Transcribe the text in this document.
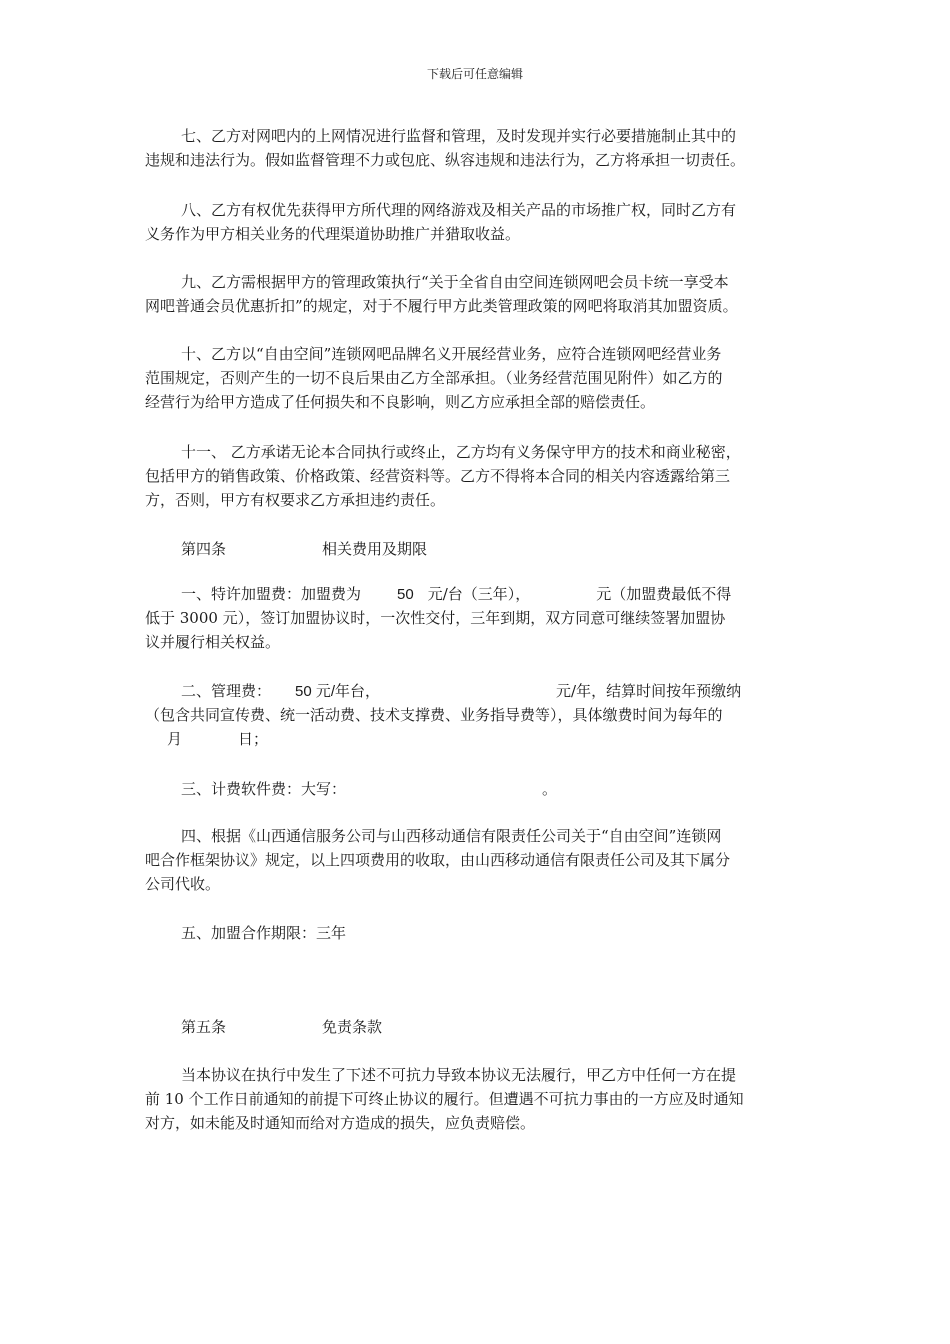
下载后可任意编辑
七、乙方对网吧内的上网情况进行监督和管理，及时发现并实行必要措施制止其中的
违规和违法行为。假如监督管理不力或包庇、纵容违规和违法行为，乙方将承担一切责任。
八、乙方有权优先获得甲方所代理的网络游戏及相关产品的市场推广权，同时乙方有
义务作为甲方相关业务的代理渠道协助推广并猎取收益。
九、乙方需根据甲方的管理政策执行“关于全省自由空间连锁网吧会员卡统一享受本
网吧普通会员优惠折扣”的规定，对于不履行甲方此类管理政策的网吧将取消其加盟资质。
十、乙方以“自由空间”连锁网吧品牌名义开展经营业务，应符合连锁网吧经营业务
范围规定，否则产生的一切不良后果由乙方全部承担。（业务经营范围见附件）如乙方的
经营行为给甲方造成了任何损失和不良影响，则乙方应承担全部的赔偿责任。
十一、 乙方承诺无论本合同执行或终止，乙方均有义务保守甲方的技术和商业秘密，
包括甲方的销售政策、价格政策、经营资料等。乙方不得将本合同的相关内容透露给第三
方，否则，甲方有权要求乙方承担违约责任。
第四条	相关费用及期限
一、特许加盟费：加盟费为 50 元/台（三年），	元（加盟费最低不得
低于 3000 元），签订加盟协议时，一次性交付，三年到期，双方同意可继续签署加盟协
议并履行相关权益。
二、管理费： 50 元/年台，	元/年，结算时间按年预缴纳
（包含共同宣传费、统一活动费、技术支撑费、业务指导费等），具体缴费时间为每年的
月	日；
三、计费软件费：大写：	。
四、根据《山西通信服务公司与山西移动通信有限责任公司关于“自由空间”连锁网
吧合作框架协议》规定，以上四项费用的收取，由山西移动通信有限责任公司及其下属分
公司代收。
五、加盟合作期限：三年
第五条	免责条款
当本协议在执行中发生了下述不可抗力导致本协议无法履行，甲乙方中任何一方在提
前 10 个工作日前通知的前提下可终止协议的履行。但遭遇不可抗力事由的一方应及时通知
对方，如未能及时通知而给对方造成的损失，应负责赔偿。
